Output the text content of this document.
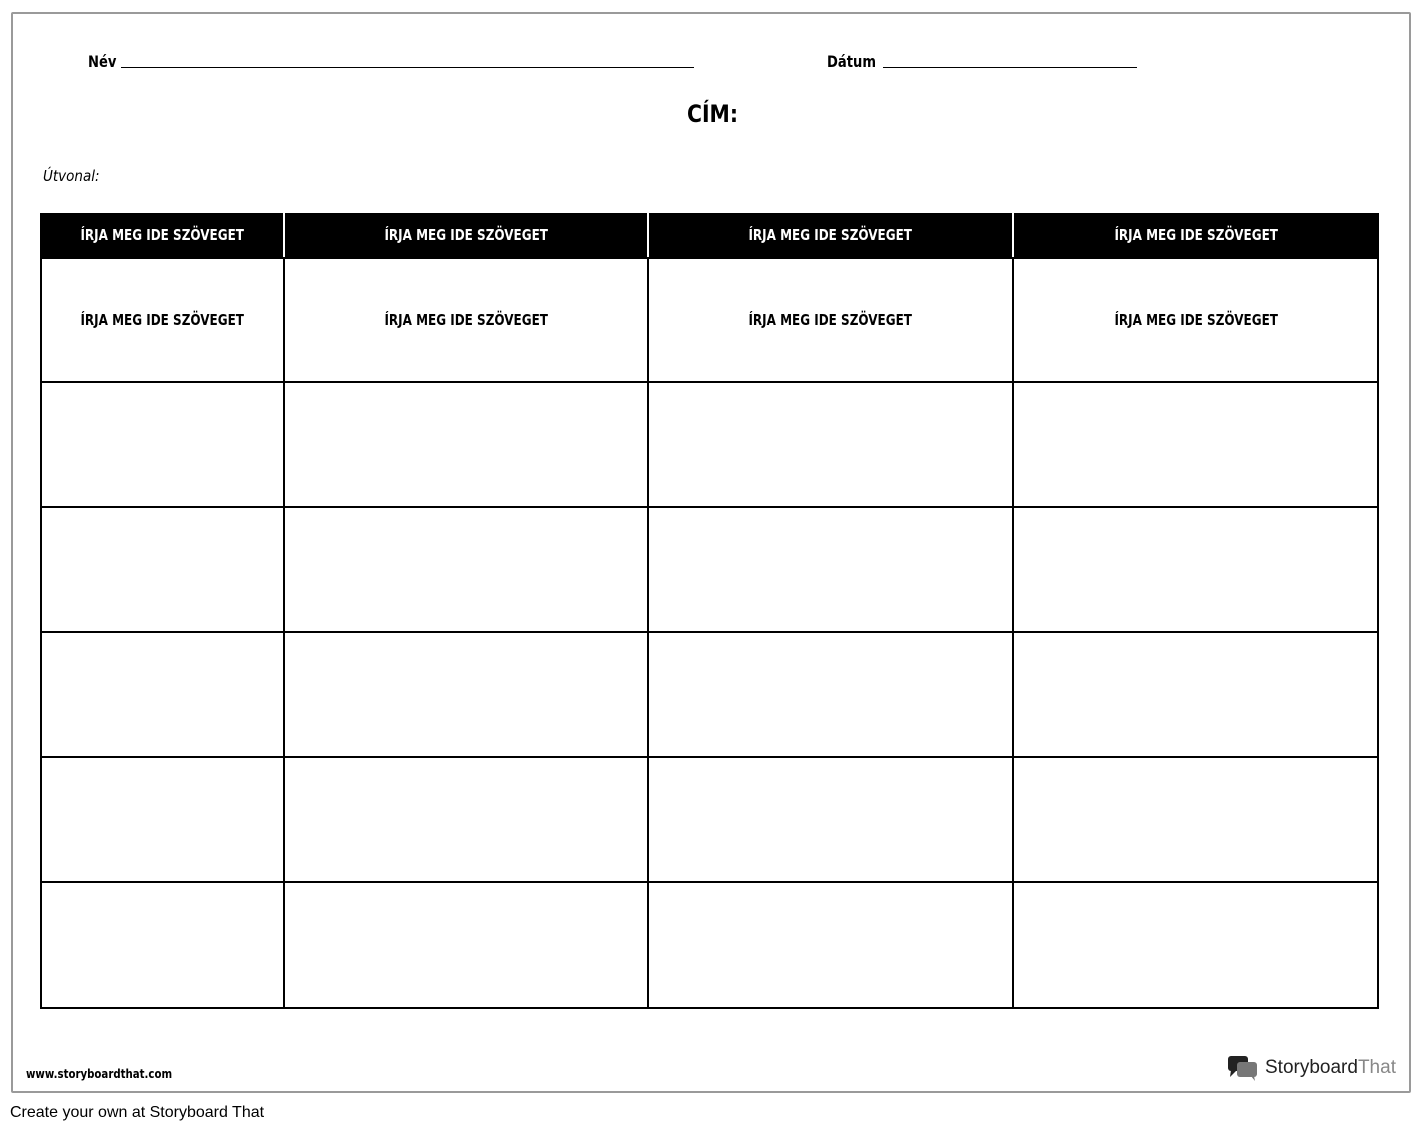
Név	Dátum
CÍM:
Útvonal:
ÍRJA MEG IDE SZÖVEGET	ÍRJA MEG IDE SZÖVEGET	ÍRJA MEG IDE SZÖVEGET	ÍRJA MEG IDE SZÖVEGET
ÍRJA MEG IDE SZÖVEGET	ÍRJA MEG IDE SZÖVEGET	ÍRJA MEG IDE SZÖVEGET	ÍRJA MEG IDE SZÖVEGET
www.storyboardthat.com	Storyboard That
Create your own at Storyboard That
